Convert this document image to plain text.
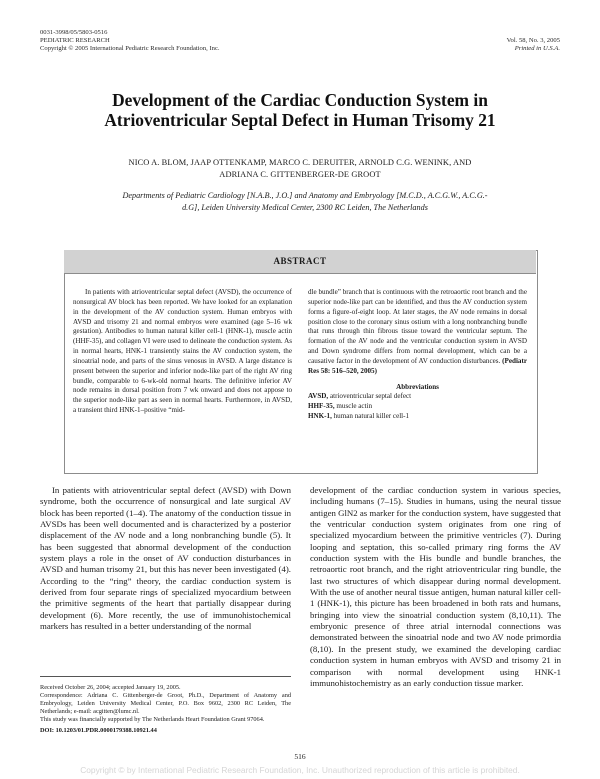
0031-3998/05/5803-0516
PEDIATRIC RESEARCH
Copyright © 2005 International Pediatric Research Foundation, Inc.
Vol. 58, No. 3, 2005
Printed in U.S.A.
Development of the Cardiac Conduction System in Atrioventricular Septal Defect in Human Trisomy 21
NICO A. BLOM, JAAP OTTENKAMP, MARCO C. DERUITER, ARNOLD C.G. WENINK, AND
ADRIANA C. GITTENBERGER-DE GROOT
Departments of Pediatric Cardiology [N.A.B., J.O.] and Anatomy and Embryology [M.C.D., A.C.G.W., A.C.G.-d.G], Leiden University Medical Center, 2300 RC Leiden, The Netherlands
ABSTRACT

In patients with atrioventricular septal defect (AVSD), the occurrence of nonsurgical AV block has been reported. We have looked for an explanation in the development of the AV conduction system. Human embryos with AVSD and trisomy 21 and normal embryos were examined (age 5–16 wk gestation). Antibodies to human natural killer cell-1 (HNK-1), muscle actin (HHF-35), and collagen VI were used to delineate the conduction system. As in normal hearts, HNK-1 transiently stains the AV conduction system, the sinoatrial node, and parts of the sinus venosus in AVSD. A large distance is present between the superior and inferior node-like part of the right AV ring bundle, comparable to 6-wk-old normal hearts. The definitive inferior AV node remains in dorsal position from 7 wk onward and does not appose to the superior node-like part as seen in normal hearts. Furthermore, in AVSD, a transient third HNK-1–positive “mid-

dle bundle” branch that is continuous with the retroaortic root branch and the superior node-like part can be identified, and thus the AV conduction system forms a figure-of-eight loop. At later stages, the AV node remains in dorsal position close to the coronary sinus ostium with a long nonbranching bundle that runs through thin fibrous tissue toward the ventricular septum. The formation of the AV node and the ventricular conduction system in AVSD and Down syndrome differs from normal development, which can be a causative factor in the development of AV conduction disturbances. (Pediatr Res 58: 516–520, 2005)

Abbreviations

AVSD, atrioventricular septal defect

HHF-35, muscle actin

HNK-1, human natural killer cell-1

In patients with atrioventricular septal defect (AVSD) with Down syndrome, both the occurrence of nonsurgical and late surgical AV block has been reported (1–4). The anatomy of the conduction tissue in AVSDs has been well documented and is characterized by a posterior displacement of the AV node and a long nonbranching bundle (5). It has been suggested that abnormal development of the conduction system plays a role in the onset of AV conduction disturbances in AVSD and human trisomy 21, but this has never been investigated (4). According to the “ring” theory, the cardiac conduction system is derived from four separate rings of specialized myocardium between the primitive segments of the heart that partially disappear during development (6). More recently, the use of immunohistochemical markers has resulted in a better understanding of the normal

development of the cardiac conduction system in various species, including humans (7–15). Studies in humans, using the neural tissue antigen GlN2 as marker for the conduction system, have suggested that the ventricular conduction system originates from one ring of specialized myocardium between the primitive ventricles (7). During looping and septation, this so-called primary ring forms the AV conduction system with the His bundle and bundle branches, the retroaortic root branch, and the right atrioventricular ring bundle, the last two structures of which disappear during normal development. With the use of another neural tissue antigen, human natural killer cell-1 (HNK-1), this picture has been broadened in both rats and humans, bringing into view the sinoatrial conduction system (8,10,11). The embryonic presence of three atrial internodal connections was demonstrated between the sinoatrial node and two AV node primordia (8,10). In the present study, we examined the developing cardiac conduction system in human embryos with AVSD and trisomy 21 in comparison with normal development using HNK-1 immunohistochemistry as an early conduction tissue marker.

Received October 26, 2004; accepted January 19, 2005.

Correspondence: Adriana C. Gittenberger-de Groot, Ph.D., Department of Anatomy and Embryology, Leiden University Medical Center, P.O. Box 9602, 2300 RC Leiden, The Netherlands; e-mail: acgitten@lumc.nl.

This study was financially supported by The Netherlands Heart Foundation Grant 97064.

DOI: 10.1203/01.PDR.0000179388.10921.44

516
Copyright © by International Pediatric Research Foundation, Inc. Unauthorized reproduction of this article is prohibited.
